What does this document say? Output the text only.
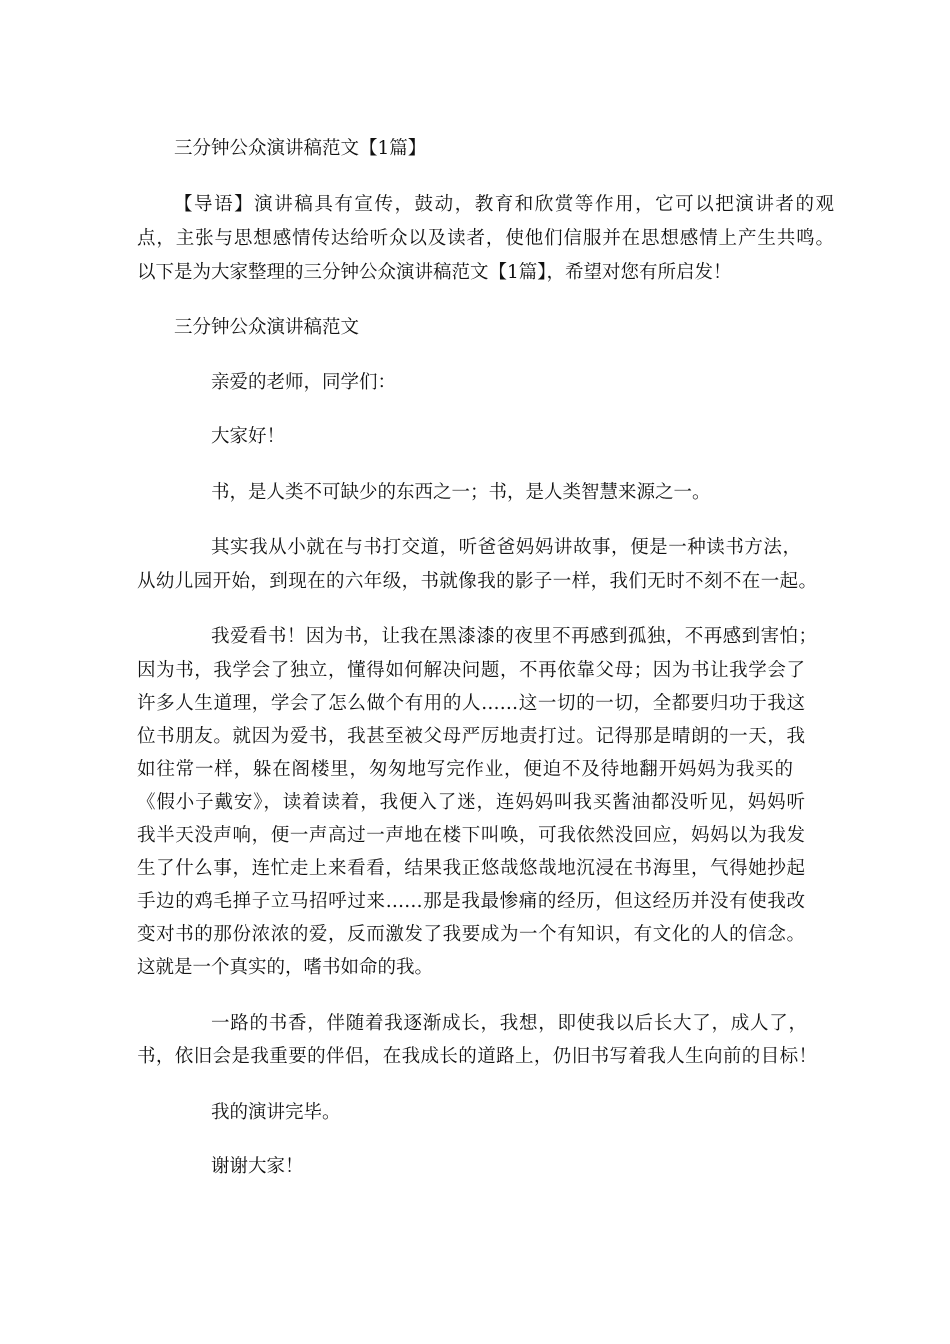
三分钟公众演讲稿范文【1篇】
【导语】演讲稿具有宣传，鼓动，教育和欣赏等作用，它可以把演讲者的观
点，主张与思想感情传达给听众以及读者，使他们信服并在思想感情上产生共鸣。
以下是为大家整理的三分钟公众演讲稿范文【1篇】，希望对您有所启发！
三分钟公众演讲稿范文
亲爱的老师，同学们：
大家好！
书，是人类不可缺少的东西之一；书，是人类智慧来源之一。
其实我从小就在与书打交道，听爸爸妈妈讲故事，便是一种读书方法，
从幼儿园开始，到现在的六年级，书就像我的影子一样，我们无时不刻不在一起。
我爱看书！因为书，让我在黑漆漆的夜里不再感到孤独，不再感到害怕；
因为书，我学会了独立，懂得如何解决问题，不再依靠父母；因为书让我学会了
许多人生道理，学会了怎么做个有用的人……这一切的一切，全都要归功于我这
位书朋友。就因为爱书，我甚至被父母严厉地责打过。记得那是晴朗的一天，我
如往常一样，躲在阁楼里，匆匆地写完作业，便迫不及待地翻开妈妈为我买的
《假小子戴安》，读着读着，我便入了迷，连妈妈叫我买酱油都没听见，妈妈听
我半天没声响，便一声高过一声地在楼下叫唤，可我依然没回应，妈妈以为我发
生了什么事，连忙走上来看看，结果我正悠哉悠哉地沉浸在书海里，气得她抄起
手边的鸡毛掸子立马招呼过来……那是我最惨痛的经历，但这经历并没有使我改
变对书的那份浓浓的爱，反而激发了我要成为一个有知识，有文化的人的信念。
这就是一个真实的，嗜书如命的我。
一路的书香，伴随着我逐渐成长，我想，即使我以后长大了，成人了，
书，依旧会是我重要的伴侣，在我成长的道路上，仍旧书写着我人生向前的目标！
我的演讲完毕。
谢谢大家！
